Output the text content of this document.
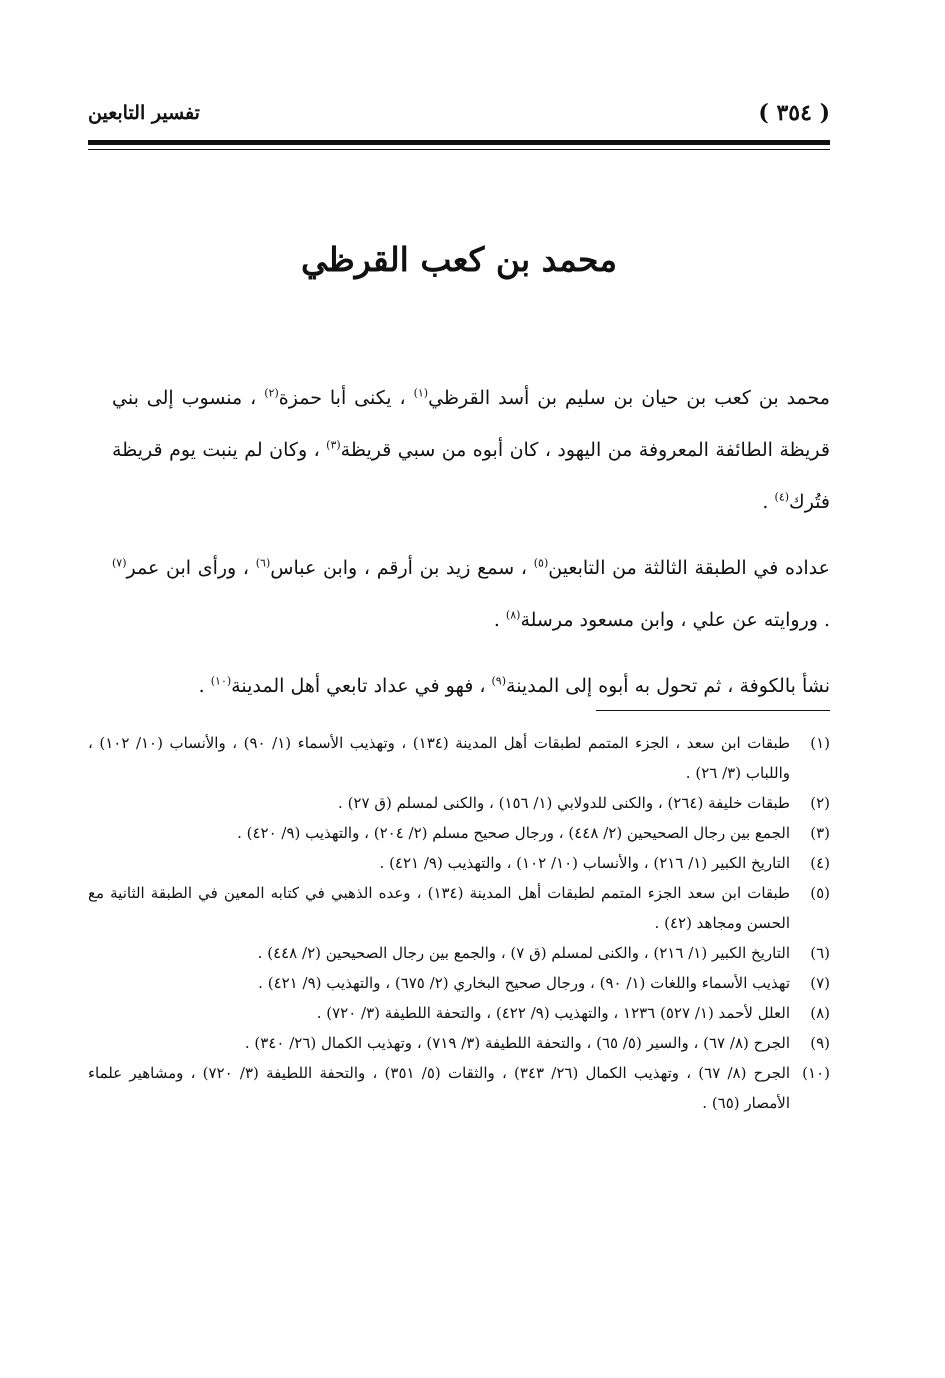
( ٣٥٤ )
تفسير التابعين
محمد بن كعب القرظي

محمد بن كعب بن حيان بن سليم بن أسد القرظي$^{(١)}$ ، يكنى أبا حمزة$^{(٢)}$ ، منسوب إلى بني قريظة الطائفة المعروفة من اليهود ، كان أبوه من سبي قريظة$^{(٣)}$ ، وكان لم ينبت يوم قريظة فتُرك$^{(٤)}$ .

عداده في الطبقة الثالثة من التابعين$^{(٥)}$ ، سمع زيد بن أرقم ، وابن عباس$^{(٦)}$ ، ورأى ابن عمر$^{(٧)}$ . وروايته عن علي ، وابن مسعود مرسلة$^{(٨)}$ .

نشأ بالكوفة ، ثم تحول به أبوه إلى المدينة$^{(٩)}$ ، فهو في عداد تابعي أهل المدينة$^{(١٠)}$ .

(١)
طبقات ابن سعد ، الجزء المتمم لطبقات أهل المدينة (١٣٤) ، وتهذيب الأسماء (١/ ٩٠) ، والأنساب (١٠/ ١٠٢) ، واللباب (٣/ ٢٦) .
(٢)
طبقات خليفة (٢٦٤) ، والكنى للدولابي (١/ ١٥٦) ، والكنى لمسلم (ق ٢٧) .
(٣)
الجمع بين رجال الصحيحين (٢/ ٤٤٨) ، ورجال صحيح مسلم (٢/ ٢٠٤) ، والتهذيب (٩/ ٤٢٠) .
(٤)
التاريخ الكبير (١/ ٢١٦) ، والأنساب (١٠/ ١٠٢) ، والتهذيب (٩/ ٤٢١) .
(٥)
طبقات ابن سعد الجزء المتمم لطبقات أهل المدينة (١٣٤) ، وعده الذهبي في كتابه المعين في الطبقة الثانية مع الحسن ومجاهد (٤٢) .
(٦)
التاريخ الكبير (١/ ٢١٦) ، والكنى لمسلم (ق ٧) ، والجمع بين رجال الصحيحين (٢/ ٤٤٨) .
(٧)
تهذيب الأسماء واللغات (١/ ٩٠) ، ورجال صحيح البخاري (٢/ ٦٧٥) ، والتهذيب (٩/ ٤٢١) .
(٨)
العلل لأحمد (١/ ٥٢٧) ١٢٣٦ ، والتهذيب (٩/ ٤٢٢) ، والتحفة اللطيفة (٣/ ٧٢٠) .
(٩)
الجرح (٨/ ٦٧) ، والسير (٥/ ٦٥) ، والتحفة اللطيفة (٣/ ٧١٩) ، وتهذيب الكمال (٢٦/ ٣٤٠) .
(١٠)
الجرح (٨/ ٦٧) ، وتهذيب الكمال (٢٦/ ٣٤٣) ، والثقات (٥/ ٣٥١) ، والتحفة اللطيفة (٣/ ٧٢٠) ، ومشاهير علماء الأمصار (٦٥) .
